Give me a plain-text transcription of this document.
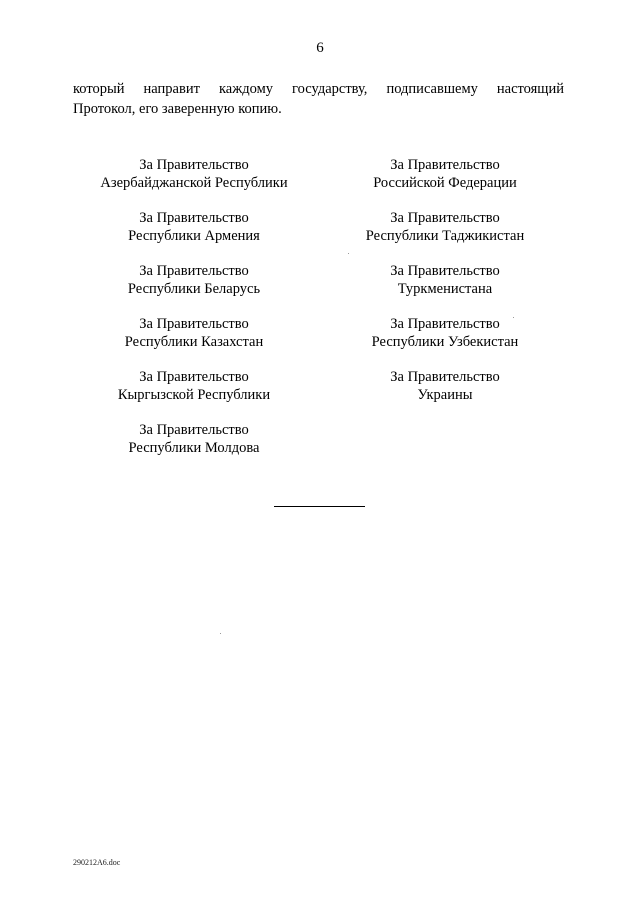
6
который направит каждому государству, подписавшему настоящий
Протокол, его заверенную копию.
За Правительство
Азербайджанской Республики
За Правительство
Республики Армения
За Правительство
Республики Беларусь
За Правительство
Республики Казахстан
За Правительство
Кыргызской Республики
За Правительство
Республики Молдова
За Правительство
Российской Федерации
За Правительство
Республики Таджикистан
За Правительство
Туркменистана
За Правительство
Республики Узбекистан
За Правительство
Украины
290212A6.doc
